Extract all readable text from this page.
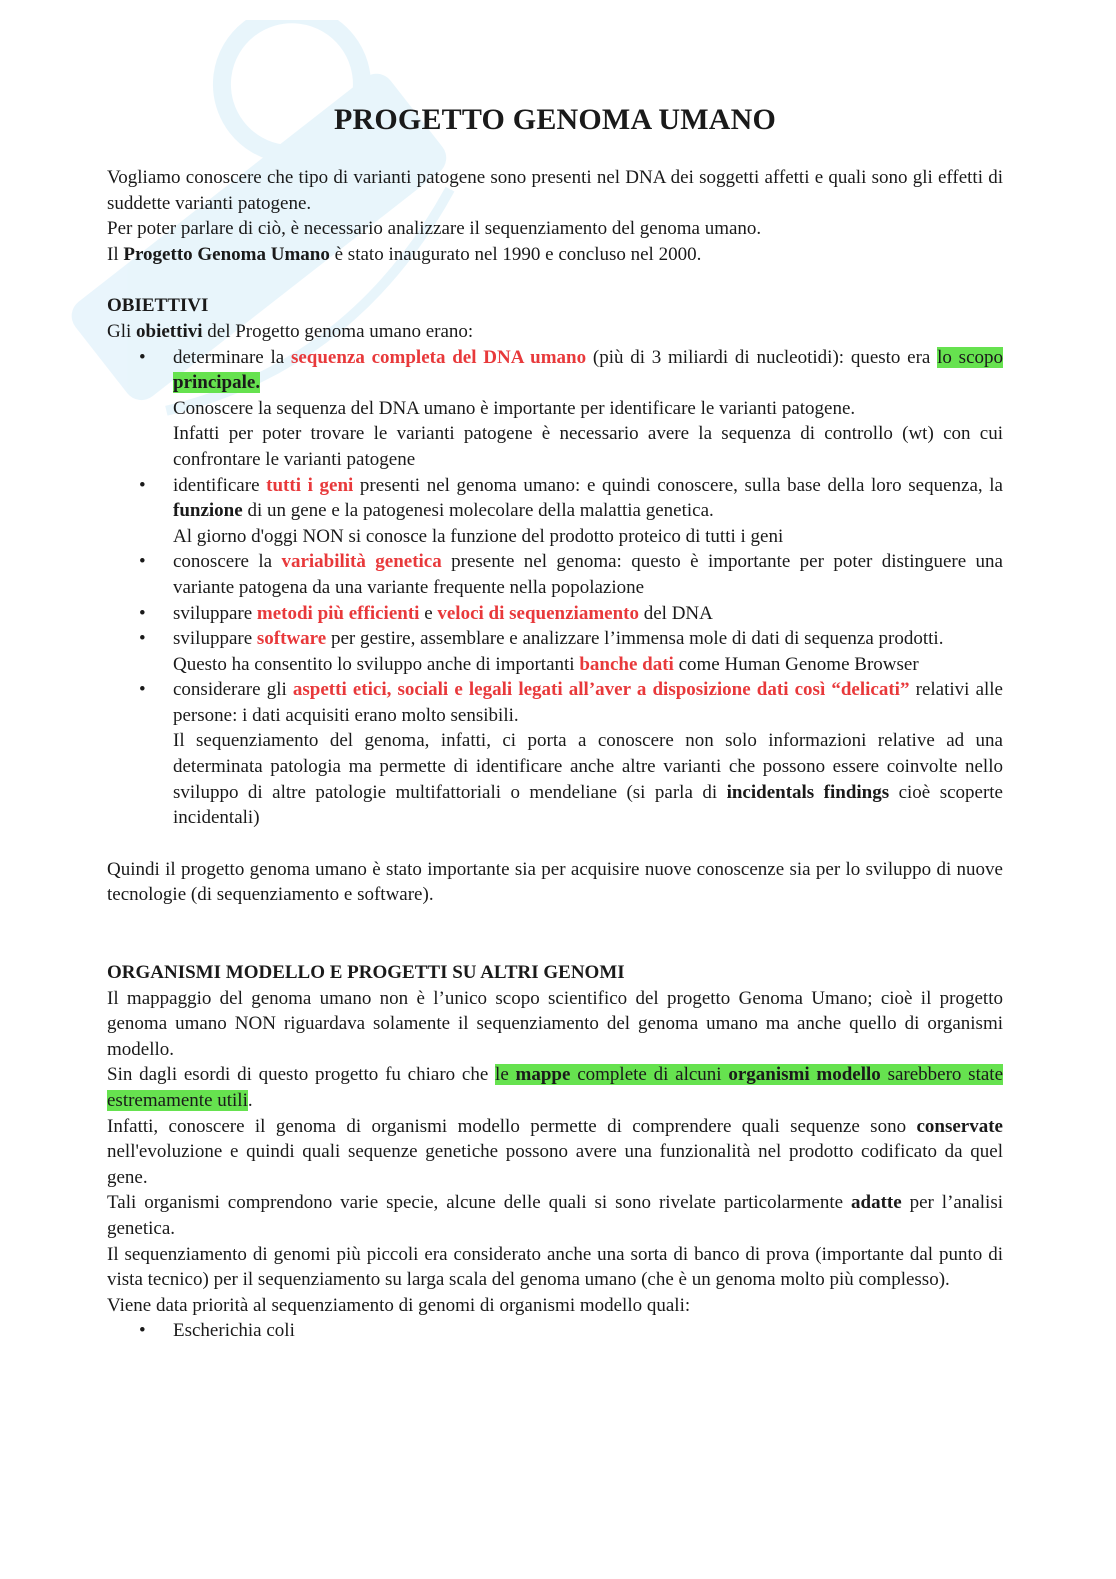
PROGETTO GENOMA UMANO

Vogliamo conoscere che tipo di varianti patogene sono presenti nel DNA dei soggetti affetti e quali sono gli effetti di suddette varianti patogene.

Per poter parlare di ciò, è necessario analizzare il sequenziamento del genoma umano.

Il Progetto Genoma Umano è stato inaugurato nel 1990 e concluso nel 2000.

OBIETTIVI

Gli obiettivi del Progetto genoma umano erano:

• determinare la sequenza completa del DNA umano (più di 3 miliardi di nucleotidi): questo era lo scopo principale.
Conoscere la sequenza del DNA umano è importante per identificare le varianti patogene.
Infatti per poter trovare le varianti patogene è necessario avere la sequenza di controllo (wt) con cui confrontare le varianti patogene
• identificare tutti i geni presenti nel genoma umano: e quindi conoscere, sulla base della loro sequenza, la funzione di un gene e la patogenesi molecolare della malattia genetica.
Al giorno d'oggi NON si conosce la funzione del prodotto proteico di tutti i geni
• conoscere la variabilità genetica presente nel genoma: questo è importante per poter distinguere una variante patogena da una variante frequente nella popolazione
• sviluppare metodi più efficienti e veloci di sequenziamento del DNA
• sviluppare software per gestire, assemblare e analizzare l’immensa mole di dati di sequenza prodotti.
Questo ha consentito lo sviluppo anche di importanti banche dati come Human Genome Browser
• considerare gli aspetti etici, sociali e legali legati all’aver a disposizione dati così “delicati” relativi alle persone: i dati acquisiti erano molto sensibili.
Il sequenziamento del genoma, infatti, ci porta a conoscere non solo informazioni relative ad una determinata patologia ma permette di identificare anche altre varianti che possono essere coinvolte nello sviluppo di altre patologie multifattoriali o mendeliane (si parla di incidentals findings cioè scoperte incidentali)

Quindi il progetto genoma umano è stato importante sia per acquisire nuove conoscenze sia per lo sviluppo di nuove tecnologie (di sequenziamento e software).

ORGANISMI MODELLO E PROGETTI SU ALTRI GENOMI

Il mappaggio del genoma umano non è l’unico scopo scientifico del progetto Genoma Umano; cioè il progetto genoma umano NON riguardava solamente il sequenziamento del genoma umano ma anche quello di organismi modello.

Sin dagli esordi di questo progetto fu chiaro che le mappe complete di alcuni organismi modello sarebbero state estremamente utili.

Infatti, conoscere il genoma di organismi modello permette di comprendere quali sequenze sono conservate nell'evoluzione e quindi quali sequenze genetiche possono avere una funzionalità nel prodotto codificato da quel gene.

Tali organismi comprendono varie specie, alcune delle quali si sono rivelate particolarmente adatte per l’analisi genetica.

Il sequenziamento di genomi più piccoli era considerato anche una sorta di banco di prova (importante dal punto di vista tecnico) per il sequenziamento su larga scala del genoma umano (che è un genoma molto più complesso).

Viene data priorità al sequenziamento di genomi di organismi modello quali:

• Escherichia coli
